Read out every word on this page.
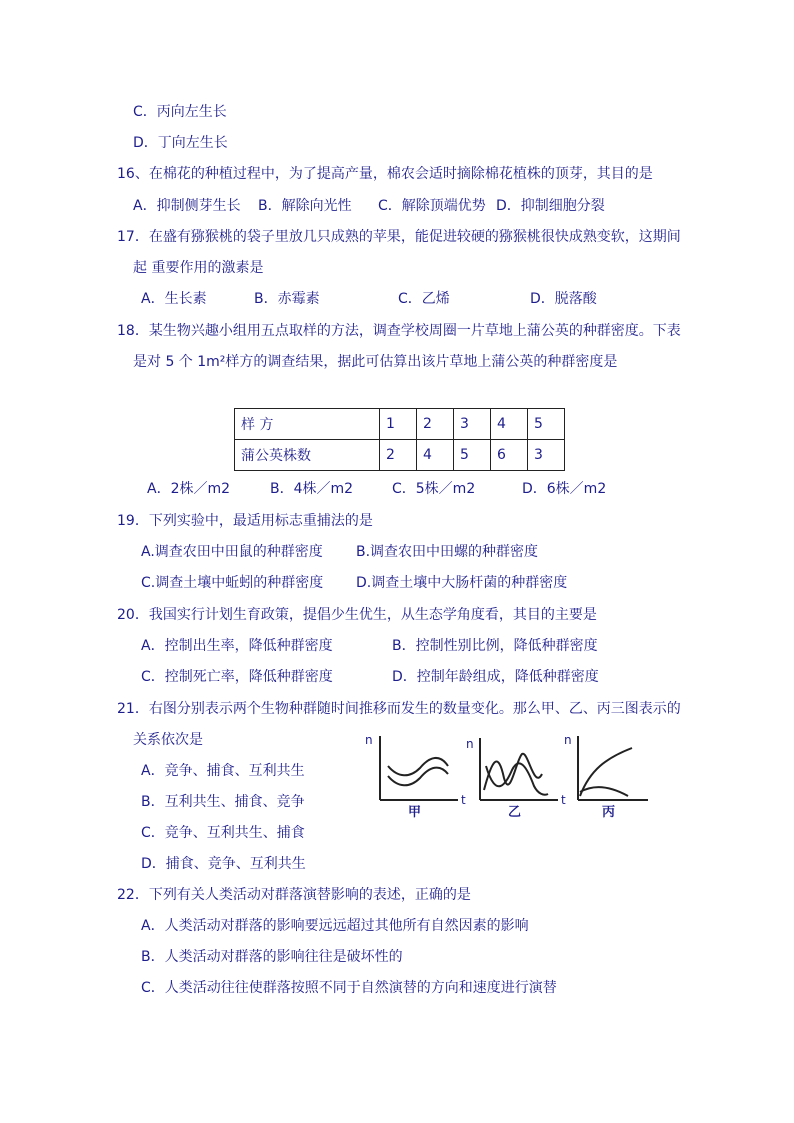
C．丙向左生长
D．丁向左生长
16、在棉花的种植过程中，为了提高产量，棉农会适时摘除棉花植株的顶芽，其目的是
A．抑制侧芽生长 B．解除向光性 C．解除顶端优势 D．抑制细胞分裂
17．在盛有猕猴桃的袋子里放几只成熟的苹果，能促进较硬的猕猴桃很快成熟变软，这期间
起 重要作用的激素是
A．生长素	B．赤霉素	C．乙烯	D．脱落酸
18．某生物兴趣小组用五点取样的方法，调查学校周圈一片草地上蒲公英的种群密度。下表
是对 5 个 1m²样方的调查结果，据此可估算出该片草地上蒲公英的种群密度是
样 方	1	2	3	4	5
蒲公英株数	2	4	5	6	3
A．2株／m2	B．4株／m2	C．5株／m2	D．6株／m2
19．下列实验中，最适用标志重捕法的是
A.调查农田中田鼠的种群密度 B.调查农田中田螺的种群密度
C.调查土壤中蚯蚓的种群密度 D.调查土壤中大肠杆菌的种群密度
20．我国实行计划生育政策，提倡少生优生，从生态学角度看，其目的主要是
A．控制出生率，降低种群密度	B．控制性别比例，降低种群密度
C．控制死亡率，降低种群密度	D．控制年龄组成，降低种群密度
21．右图分别表示两个生物种群随时间推移而发生的数量变化。那么甲、乙、丙三图表示的
关系依次是
A．竞争、捕食、互利共生
B．互利共生、捕食、竞争
C．竞争、互利共生、捕食
D．捕食、竞争、互利共生
n
t
甲
n
t
乙
n
丙
22．下列有关人类活动对群落演替影响的表述，正确的是
A．人类活动对群落的影响要远远超过其他所有自然因素的影响
B．人类活动对群落的影响往往是破坏性的
C．人类活动往往使群落按照不同于自然演替的方向和速度进行演替
